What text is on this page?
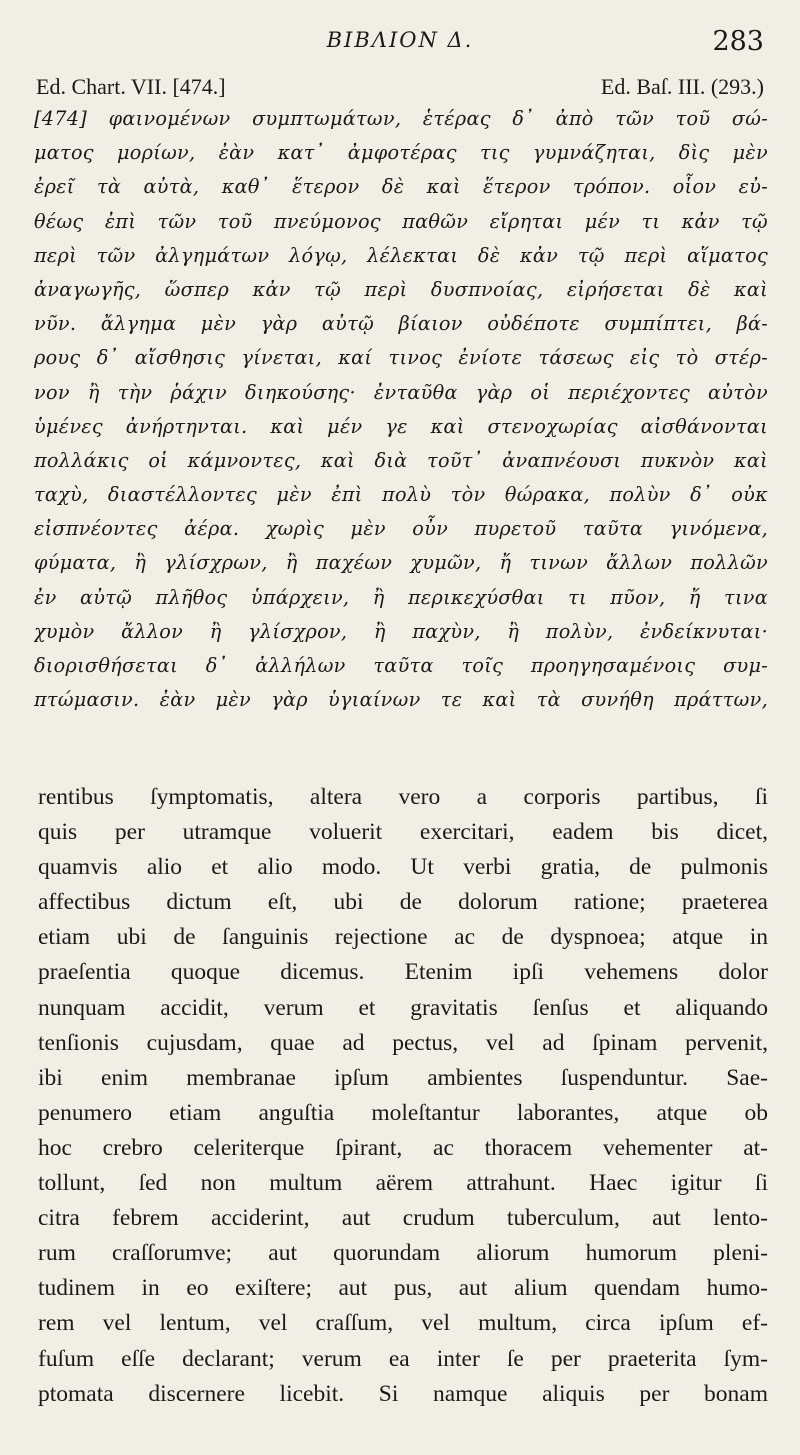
BIBΛION Δ.	283
Ed. Chart. VII. [474.]	Ed. Baſ. III. (293.)
[474] φαινομένων συμπτωμάτων, ἑτέρας δ᾽ ἀπὸ τῶν τοῦ σώ-
ματος μορίων, ἐὰν κατ᾽ ἀμφοτέρας τις γυμνάζηται, δὶς μὲν
ἐρεῖ τὰ αὐτὰ, καθ᾽ ἕτερον δὲ καὶ ἕτερον τρόπον. οἷον εὐ-
θέως ἐπὶ τῶν τοῦ πνεύμονος παθῶν εἴρηται μέν τι κἀν τῷ
περὶ τῶν ἀλγημάτων λόγῳ, λέλεκται δὲ κἀν τῷ περὶ αἵματος
ἀναγωγῆς, ὥσπερ κἀν τῷ περὶ δυσπνοίας, εἰρήσεται δὲ καὶ
νῦν. ἄλγημα μὲν γὰρ αὐτῷ βίαιον οὐδέποτε συμπίπτει, βά-
ρους δ᾽ αἴσθησις γίνεται, καί τινος ἐνίοτε τάσεως εἰς τὸ στέρ-
νον ἢ τὴν ῥάχιν διηκούσης· ἐνταῦθα γὰρ οἱ περιέχοντες αὐτὸν
ὑμένες ἀνήρτηνται. καὶ μέν γε καὶ στενοχωρίας αἰσθάνονται
πολλάκις οἱ κάμνοντες, καὶ διὰ τοῦτ᾽ ἀναπνέουσι πυκνὸν καὶ
ταχὺ, διαστέλλοντες μὲν ἐπὶ πολὺ τὸν θώρακα, πολὺν δ᾽ οὐκ
εἰσπνέοντες ἀέρα. χωρὶς μὲν οὖν πυρετοῦ ταῦτα γινόμενα,
φύματα, ἢ γλίσχρων, ἢ παχέων χυμῶν, ἤ τινων ἄλλων πολλῶν
ἐν αὐτῷ πλῆθος ὑπάρχειν, ἢ περικεχύσθαι τι πῦον, ἤ τινα
χυμὸν ἄλλον ἢ γλίσχρον, ἢ παχὺν, ἢ πολὺν, ἐνδείκνυται·
διορισθήσεται δ᾽ ἀλλήλων ταῦτα τοῖς προηγησαμένοις συμ-
πτώμασιν. ἐὰν μὲν γὰρ ὑγιαίνων τε καὶ τὰ συνήθη πράττων,
rentibus ſymptomatis, altera vero a corporis partibus, ſi
quis per utramque voluerit exercitari, eadem bis dicet,
quamvis alio et alio modo. Ut verbi gratia, de pulmonis
affectibus dictum eſt, ubi de dolorum ratione; praeterea
etiam ubi de ſanguinis rejectione ac de dyspnoea; atque in
praeſentia quoque dicemus. Etenim ipſi vehemens dolor
nunquam accidit, verum et gravitatis ſenſus et aliquando
tenſionis cujusdam, quae ad pectus, vel ad ſpinam pervenit,
ibi enim membranae ipſum ambientes ſuspenduntur. Sae-
penumero etiam anguſtia moleſtantur laborantes, atque ob
hoc crebro celeriterque ſpirant, ac thoracem vehementer at-
tollunt, ſed non multum aërem attrahunt. Haec igitur ſi
citra febrem acciderint, aut crudum tuberculum, aut lento-
rum craſſorumve; aut quorundam aliorum humorum pleni-
tudinem in eo exiſtere; aut pus, aut alium quendam humo-
rem vel lentum, vel craſſum, vel multum, circa ipſum ef-
fuſum eſſe declarant; verum ea inter ſe per praeterita ſym-
ptomata discernere licebit. Si namque aliquis per bonam
